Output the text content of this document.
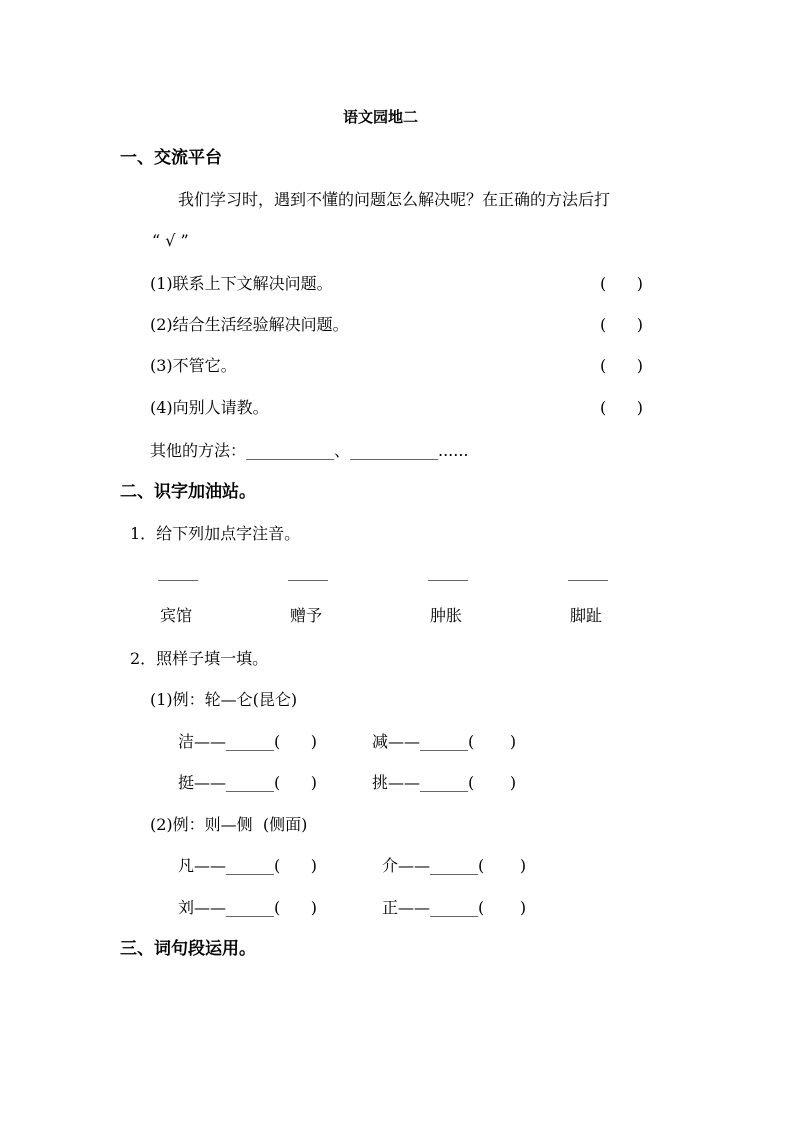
语文园地二
一、交流平台
我们学习时，遇到不懂的问题怎么解决呢？在正确的方法后打
“ √ ”
(1)联系上下文解决问题。	(      )
(2)结合生活经验解决问题。	(      )
(3)不管它。	(      )
(4)向别人请教。	(      )
其他的方法：___________、___________......
二、识字加油站。
1．给下列加点字注音。
_____	_____	_____	_____
宾馆	赠予	肿胀	脚趾
2．照样子填一填。
(1)例：轮—仑(昆仑)
洁——______(      )	减——______(       )
挺——______(      )	挑——______(       )
(2)例：则—侧  (侧面)
凡——______(      )	介——______(       )
刘——______(      )	正——______(       )
三、词句段运用。
